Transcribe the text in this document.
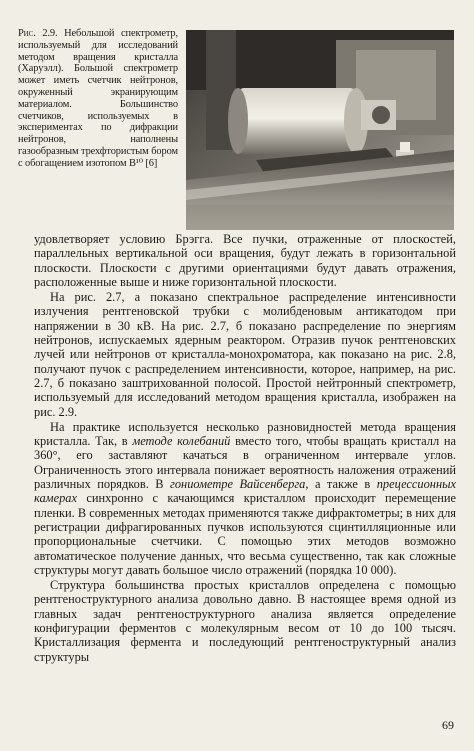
Рис. 2.9. Небольшой спектрометр, используемый для исследований методом вращения кристалла (Харуэлл). Большой спектрометр может иметь счетчик нейтронов, окруженный экранирующим материалом. Большинство счетчиков, используемых в экспериментах по дифракции нейтронов, наполнены газообразным трехфтористым бором с обогащением изотопом B¹⁰ [6]

удовлетворяет условию Брэгга. Все пучки, отраженные от плоскостей, параллельных вертикальной оси вращения, будут лежать в горизонтальной плоскости. Плоскости с другими ориентациями будут давать отражения, расположенные выше и ниже горизонтальной плоскости.

На рис. 2.7, а показано спектральное распределение интенсивности излучения рентгеновской трубки с молибденовым антикатодом при напряжении в 30 кВ. На рис. 2.7, б показано распределение по энергиям нейтронов, испускаемых ядерным реактором. Отразив пучок рентгеновских лучей или нейтронов от кристалла-монохроматора, как показано на рис. 2.8, получают пучок с распределением интенсивности, которое, например, на рис. 2.7, б показано заштрихованной полосой. Простой нейтронный спектрометр, используемый для исследований методом вращения кристалла, изображен на рис. 2.9.

На практике используется несколько разновидностей метода вращения кристалла. Так, в методе колебаний вместо того, чтобы вращать кристалл на 360°, его заставляют качаться в ограниченном интервале углов. Ограниченность этого интервала понижает вероятность наложения отражений различных порядков. В гониометре Вайсенберга, а также в прецессионных камерах синхронно с качающимся кристаллом происходит перемещение пленки. В современных методах применяются также дифрактометры; в них для регистрации дифрагированных пучков используются сцинтилляционные или пропорциональные счетчики. С помощью этих методов возможно автоматическое получение данных, что весьма существенно, так как сложные структуры могут давать большое число отражений (порядка 10 000).

Структура большинства простых кристаллов определена с помощью рентгеноструктурного анализа довольно давно. В настоящее время одной из главных задач рентгеноструктурного анализа является определение конфигурации ферментов с молекулярным весом от 10 до 100 тысяч. Кристаллизация фермента и последующий рентгеноструктурный анализ структуры

69
